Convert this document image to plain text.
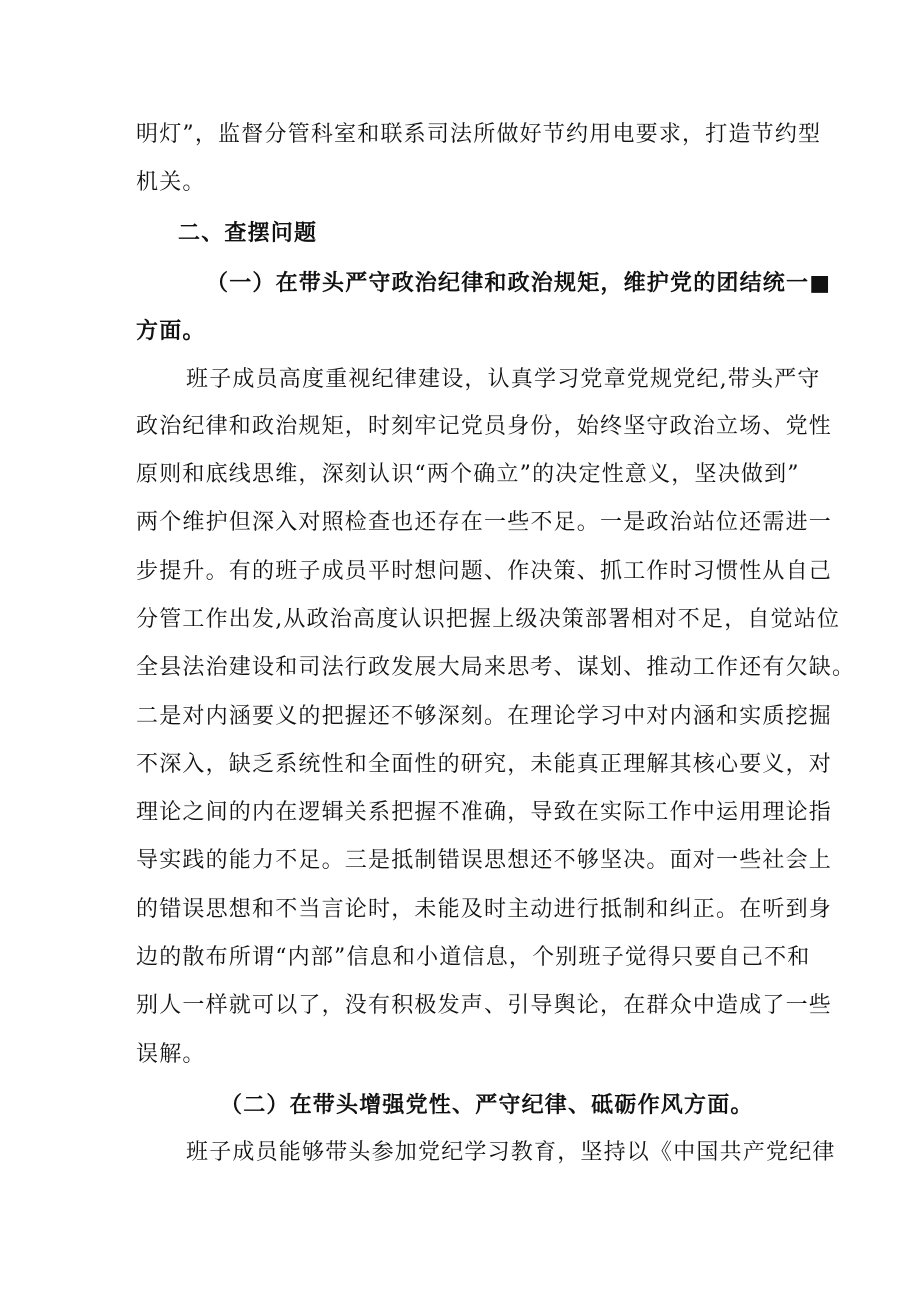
明灯”，监督分管科室和联系司法所做好节约用电要求，打造节约型
机关。
二、查摆问题
（一）在带头严守政治纪律和政治规矩，维护党的团结统一■
方面。
班子成员高度重视纪律建设，认真学习党章党规党纪,带头严守
政治纪律和政治规矩，时刻牢记党员身份，始终坚守政治立场、党性
原则和底线思维，深刻认识“两个确立”的决定性意义，坚决做到”
两个维护但深入对照检查也还存在一些不足。一是政治站位还需进一
步提升。有的班子成员平时想问题、作决策、抓工作时习惯性从自己
分管工作出发,从政治高度认识把握上级决策部署相对不足，自觉站位
全县法治建设和司法行政发展大局来思考、谋划、推动工作还有欠缺。
二是对内涵要义的把握还不够深刻。在理论学习中对内涵和实质挖掘
不深入，缺乏系统性和全面性的研究，未能真正理解其核心要义，对
理论之间的内在逻辑关系把握不准确，导致在实际工作中运用理论指
导实践的能力不足。三是抵制错误思想还不够坚决。面对一些社会上
的错误思想和不当言论时，未能及时主动进行抵制和纠正。在听到身
边的散布所谓“内部”信息和小道信息，个别班子觉得只要自己不和
别人一样就可以了，没有积极发声、引导舆论，在群众中造成了一些
误解。
（二）在带头增强党性、严守纪律、砥砺作风方面。
班子成员能够带头参加党纪学习教育，坚持以《中国共产党纪律
